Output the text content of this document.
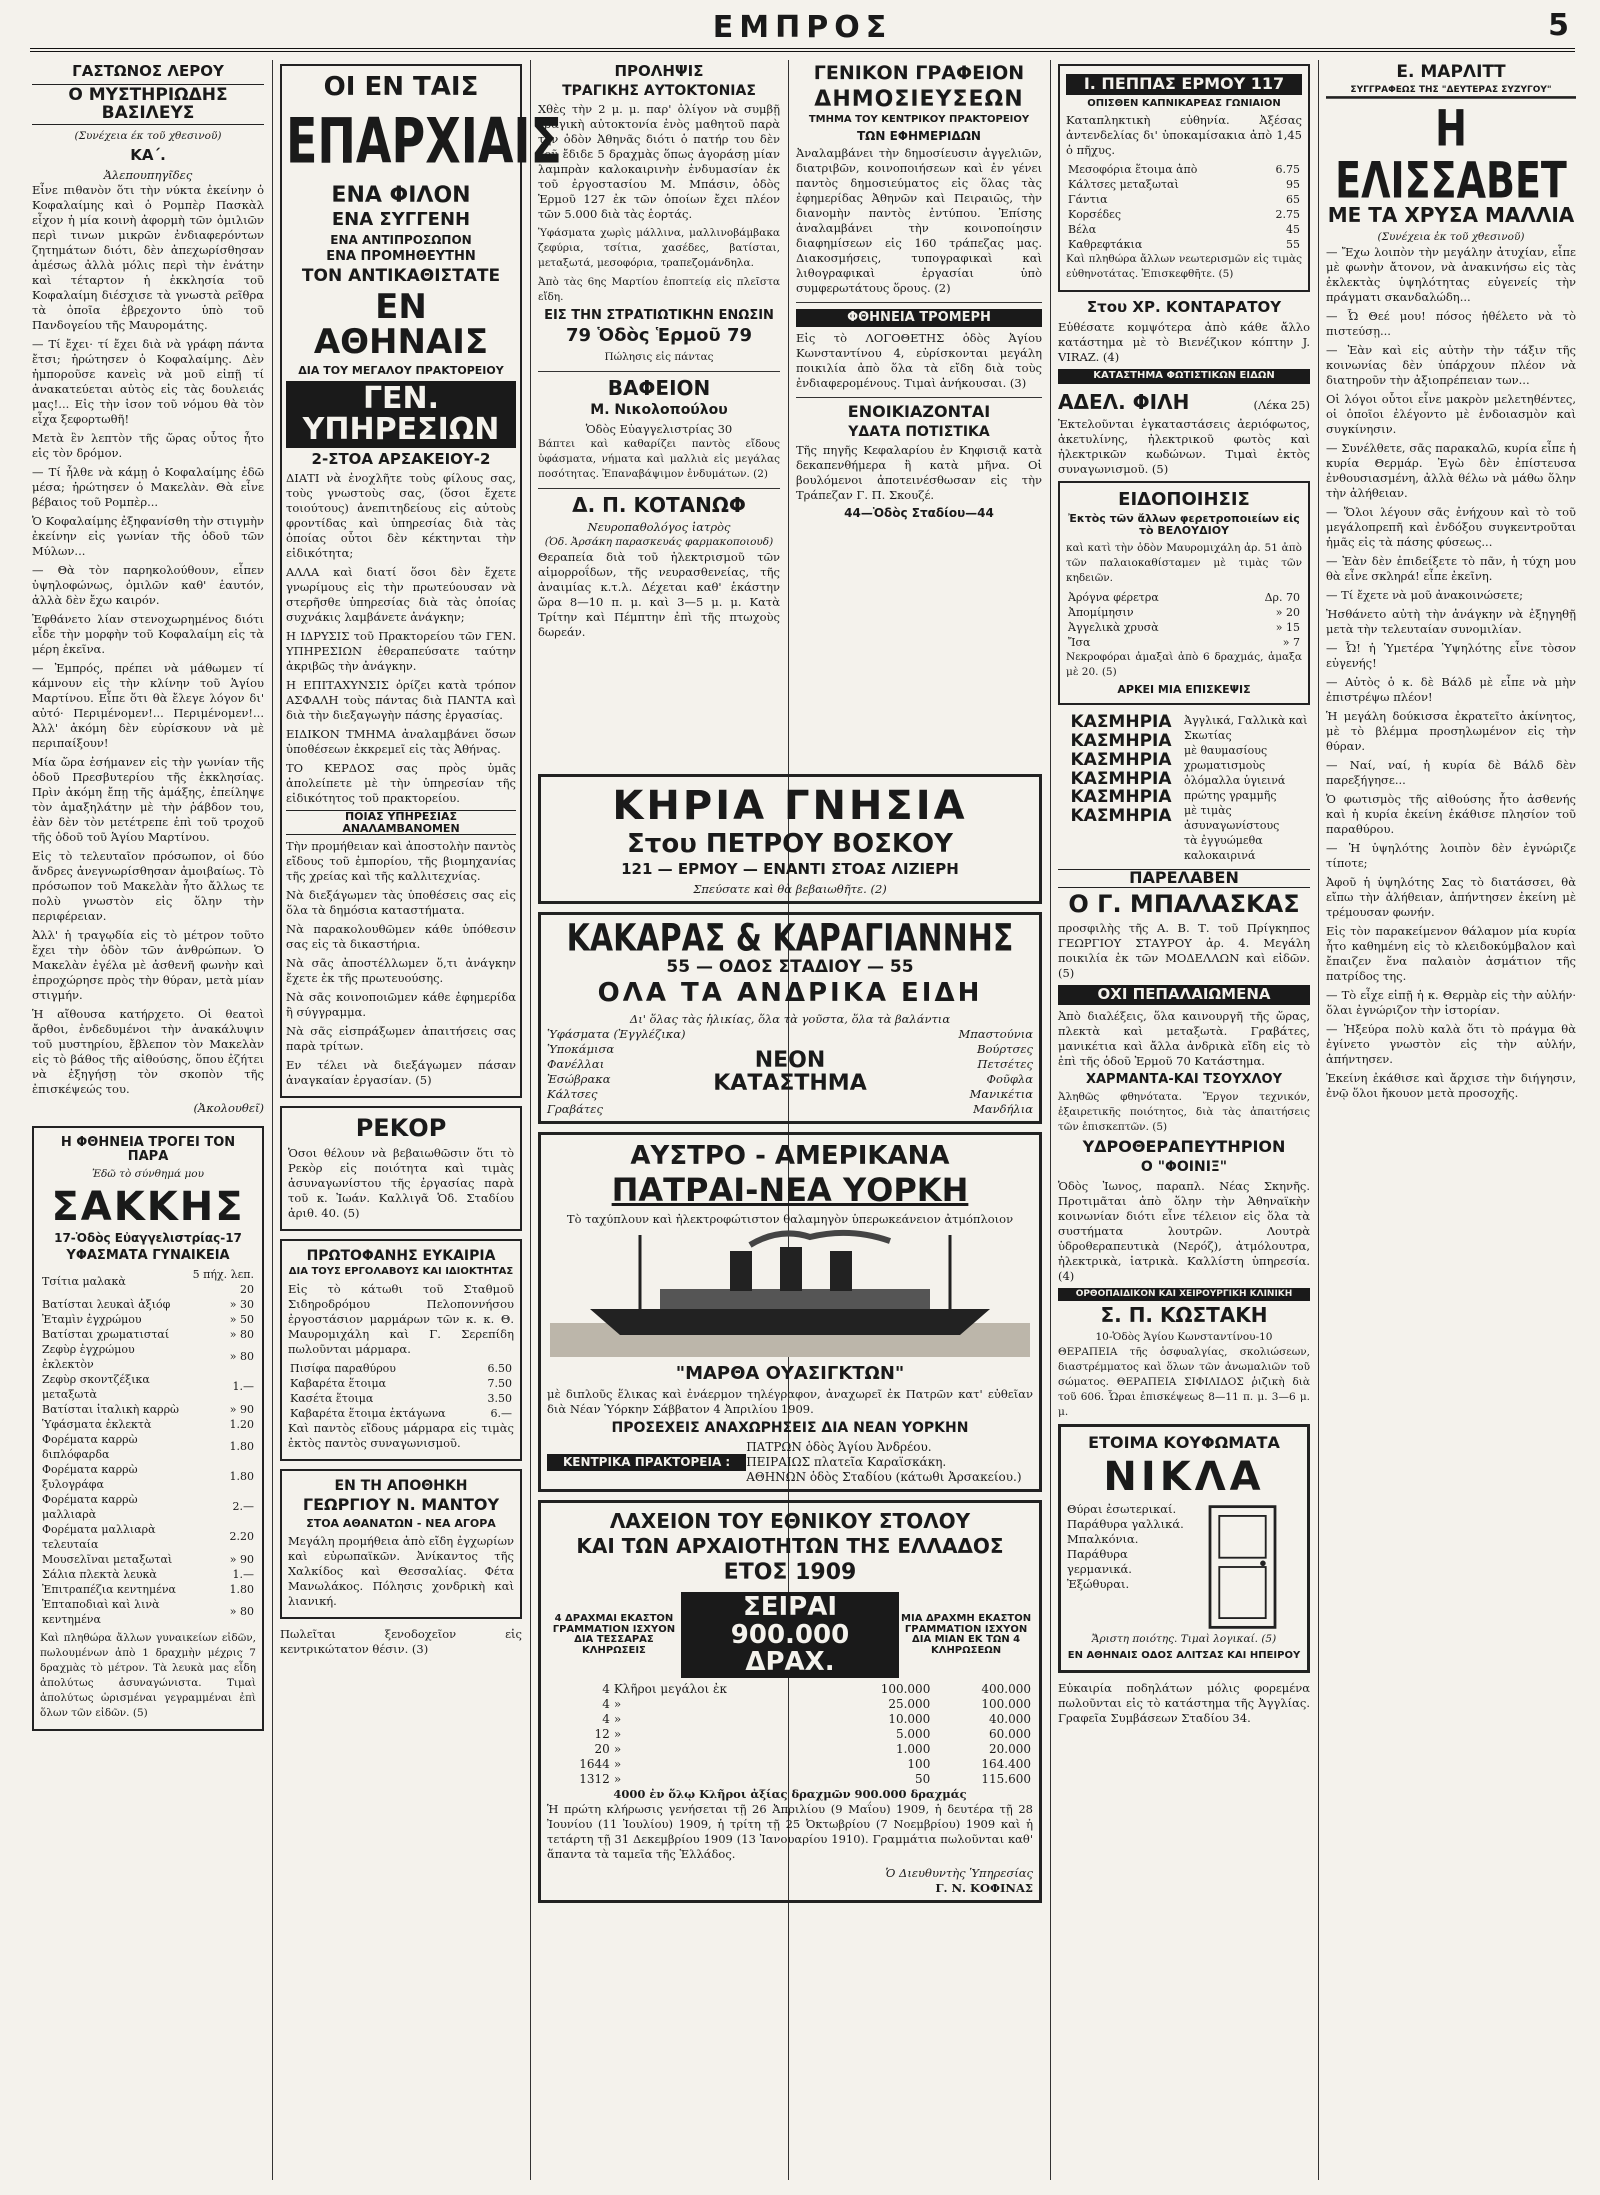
ΕΜΠΡΟΣ	5
ΓΑΣΤΩΝΟΣ ΛΕΡΟΥ
Ο ΜΥΣΤΗΡΙΩΔΗΣ ΒΑΣΙΛΕΥΣ
(Συνέχεια έκ τοῦ χθεσινοῦ)
ΚΑ΄.
Ἀλεπουπηγῖδες

Εἶνε πιθανὸν ὅτι τὴν νύκτα ἐκείνην ὁ Κοφαλαίμης καὶ ὁ Ρομπὲρ Πασκὰλ εἶχον ἡ μία κοινὴ ἀφορμὴ τῶν ὁμιλιῶν περὶ τινων μικρῶν ἐνδιαφερόντων ζητημάτων διότι, δὲν ἀπεχωρίσθησαν ἀμέσως ἀλλὰ μόλις περὶ τὴν ἐνάτην καὶ τέταρτον ἡ ἐκκλησία τοῦ Κοφαλαίμη διέσχισε τὰ γνωστὰ ρεῖθρα τὰ ὁποῖα ἐβρεχοντο ὑπὸ τοῦ Πανδογείου τῆς Μαυρομάτης.

— Τί ἔχει· τί ἔχει διὰ νὰ γράφη πάντα ἔτσι; ἠρώτησεν ὁ Κοφαλαίμης. Δὲν ἠμποροῦσε κανεὶς νὰ μοῦ εἰπῇ τί ἀνακατεύεται αὐτὸς εἰς τὰς δουλειάς μας!... Εἰς τὴν ἰσον τοῦ νόμου θὰ τὸν εἶχα ξεφορτωθῆ!

Μετὰ ἓν λεπτὸν τῆς ὥρας οὗτος ἦτο εἰς τὸν δρόμον.

— Τί ἦλθε νὰ κάμῃ ὁ Κοφαλαίμης ἐδῶ μέσα; ἠρώτησεν ὁ Μακελὰν. Θὰ εἶνε βέβαιος τοῦ Ρομπὲρ...

Ὁ Κοφαλαίμης ἐξηφανίσθη τὴν στιγμὴν ἐκείνην εἰς γωνίαν τῆς ὁδοῦ τῶν Μύλων...

— Θὰ τὸν παρηκολούθουν, εἶπεν ὑψηλοφώνως, ὁμιλῶν καθ' ἑαυτόν, ἀλλὰ δὲν ἔχω καιρόν.

Ἐφθάνετο λίαν στενοχωρημένος διότι εἶδε τὴν μορφὴν τοῦ Κοφαλαίμη εἰς τὰ μέρη ἐκεῖνα.

— Ἐμπρός, πρέπει νὰ μάθωμεν τί κάμνουν εἰς τὴν κλίνην τοῦ Ἁγίου Μαρτίνου. Εἶπε ὅτι θὰ ἔλεγε λόγον δι' αὐτό· Περιμένομεν!... Περιμένομεν!... Ἀλλ' ἀκόμη δὲν εὑρίσκουν νὰ μὲ περιπαίξουν!

Μία ὥρα ἐσήμανεν εἰς τὴν γωνίαν τῆς ὁδοῦ Πρεσβυτερίου τῆς ἐκκλησίας. Πρὶν ἀκόμη ἔπῃ τῆς ἀμάξης, ἐπείληψε τὸν ἀμαξηλάτην μὲ τὴν ῥάβδον του, ἐὰν δὲν τὸν μετέτρεπε ἐπὶ τοῦ τροχοῦ τῆς ὁδοῦ τοῦ Ἁγίου Μαρτίνου.

Εἰς τὸ τελευταῖον πρόσωπον, οἱ δύο ἄνδρες ἀνεγνωρίσθησαν ἀμοιβαίως. Τὸ πρόσωπον τοῦ Μακελὰν ἦτο ἄλλως τε πολὺ γνωστὸν εἰς ὅλην τὴν περιφέρειαν.

Ἀλλ' ἡ τραγῳδία εἰς τὸ μέτρον τοῦτο ἔχει τὴν ὁδὸν τῶν ἀνθρώπων. Ὁ Μακελὰν ἐγέλα μὲ ἀσθενῆ φωνὴν καὶ ἐπροχώρησε πρὸς τὴν θύραν, μετὰ μίαν στιγμήν.

Ἡ αἴθουσα κατήρχετο. Οἱ θεατοὶ ἄρθοι, ἐνδεδυμένοι τὴν ἀνακάλυψιν τοῦ μυστηρίου, ἔβλεπον τὸν Μακελὰν εἰς τὸ βάθος τῆς αἰθούσης, ὅπου ἐζήτει νὰ ἐξηγήσῃ τὸν σκοπὸν τῆς ἐπισκέψεώς του.

(Ἀκολουθεῖ)
Η ΦΘΗΝΕΙΑ ΤΡΟΓΕΙ ΤΟΝ ΠΑΡΑ
Ἐδῶ τὸ σύνθημά μου
ΣΑΚΚΗΣ
17-Ὁδὸς Εὐαγγελιστρίας-17
ΥΦΑΣΜΑΤΑ ΓΥΝΑΙΚΕΙΑ
Τσίτια μαλακὰ	5 πήχ. λεπ. 20
Βατίσται λευκαὶ ἀξιόφ	» 30
Ἐταμὶν ἐγχρώμου	» 50
Βατίσται χρωματισταί	» 80
Ζεφὺρ ἐγχρώμου ἐκλεκτὸν	» 80
Ζεφὺρ σκοντζέξικα μεταξωτὰ	1.—
Βατίσται ἰταλικὴ καρρὼ	» 90
Ὑφάσματα ἐκλεκτὰ	1.20
Φορέματα καρρὼ διπλόφαρδα	1.80
Φορέματα καρρὼ ξυλογράφα	1.80
Φορέματα καρρὼ μαλλιαρὰ	2.—
Φορέματα μαλλιαρὰ τελευταία	2.20
Μουσελῖναι μεταξωταὶ	» 90
Σάλια πλεκτὰ λευκὰ	1.—
Ἐπιτραπέζια κεντημένα	1.80
Ἑπταποδιαὶ καὶ λινὰ κεντημένα	» 80

Καὶ πληθώρα ἄλλων γυναικείων εἰδῶν, πωλουμένων ἀπὸ 1 δραχμὴν μέχρις 7 δραχμὰς τὸ μέτρον. Τὰ λευκὰ μας εἶδη ἀπολύτως ἀσυναγώνιστα. Τιμαὶ ἀπολύτως ὡρισμέναι γεγραμμέναι ἐπὶ ὅλων τῶν εἰδῶν. (5)

ΟΙ ΕΝ ΤΑΙΣ
ΕΠΑΡΧΙΑΙΣ
ΕΝΑ ΦΙΛΟΝ
ΕΝΑ ΣΥΓΓΕΝΗ
ΕΝΑ ΑΝΤΙΠΡΟΣΩΠΟΝ
ΕΝΑ ΠΡΟΜΗΘΕΥΤΗΝ
ΤΟΝ ΑΝΤΙΚΑΘΙΣΤΑΤΕ
ΕΝ ΑΘΗΝΑΙΣ
ΔΙΑ ΤΟΥ ΜΕΓΑΛΟΥ ΠΡΑΚΤΟΡΕΙΟΥ
ΓΕΝ. ΥΠΗΡΕΣΙΩΝ
2-ΣΤΟΑ ΑΡΣΑΚΕΙΟΥ-2

ΔΙΑΤΙ νὰ ἐνοχλῆτε τοὺς φίλους σας, τοὺς γνωστοὺς σας, (ὅσοι ἔχετε τοιούτους) ἀνεπιτηδείους εἰς αὐτοὺς φροντίδας καὶ ὑπηρεσίας διὰ τὰς ὁποίας οὗτοι δὲν κέκτηνται τὴν εἰδικότητα;

ΑΛΛΑ καὶ διατί ὅσοι δὲν ἔχετε γνωρίμους εἰς τὴν πρωτεύουσαν νὰ στερῆσθε ὑπηρεσίας διὰ τὰς ὁποίας συχνάκις λαμβάνετε ἀνάγκην;

Η ΙΔΡΥΣΙΣ τοῦ Πρακτορείου τῶν ΓΕΝ. ΥΠΗΡΕΣΙΩΝ ἐθεραπεύσατε ταύτην ἀκριβῶς τὴν ἀνάγκην.

Η ΕΠΙΤΑΧΥΝΣΙΣ ὁρίζει κατὰ τρόπον ΑΣΦΑΛΗ τοὺς πάντας διὰ ΠΑΝΤΑ καὶ διὰ τὴν διεξαγωγὴν πάσης ἐργασίας.

ΕΙΔΙΚΟΝ ΤΜΗΜΑ ἀναλαμβάνει ὅσων ὑποθέσεων ἐκκρεμεῖ εἰς τὰς Ἀθήνας.

ΤΟ ΚΕΡΔΟΣ σας πρὸς ὑμᾶς ἀπολείπετε μὲ τὴν ὑπηρεσίαν τῆς εἰδικότητος τοῦ πρακτορείου.

ΠΟΙΑΣ ΥΠΗΡΕΣΙΑΣ ΑΝΑΛΑΜΒΑΝΟΜΕΝ

Τὴν προμήθειαν καὶ ἀποστολὴν παντὸς εἴδους τοῦ ἐμπορίου, τῆς βιομηχανίας τῆς χρείας καὶ τῆς καλλιτεχνίας.

Νὰ διεξάγωμεν τὰς ὑποθέσεις σας εἰς ὅλα τὰ δημόσια καταστήματα.

Νὰ παρακολουθῶμεν κάθε ὑπόθεσιν σας εἰς τὰ δικαστήρια.

Νὰ σᾶς ἀποστέλλωμεν ὅ,τι ἀνάγκην ἔχετε ἐκ τῆς πρωτευούσης.

Νὰ σᾶς κοινοποιῶμεν κάθε ἐφημερίδα ἢ σύγγραμμα.

Νὰ σᾶς εἰσπράξωμεν ἀπαιτήσεις σας παρὰ τρίτων.

Εν τέλει νὰ διεξάγωμεν πάσαν ἀναγκαίαν ἐργασίαν. (5)

ΡΕΚΟΡ

Ὁσοι θέλουν νὰ βεβαιωθῶσιν ὅτι τὸ Ρεκὸρ εἰς ποιότητα καὶ τιμὰς ἀσυναγωνίστου τῆς ἐργασίας παρὰ τοῦ κ. Ἰωάν. Καλλιγᾶ Ὁδ. Σταδίου ἀριθ. 40. (5)

ΠΡΩΤΟΦΑΝΗΣ ΕΥΚΑΙΡΙΑ
ΔΙΑ ΤΟΥΣ ΕΡΓΟΛΑΒΟΥΣ ΚΑΙ ΙΔΙΟΚΤΗΤΑΣ

Εἰς τὸ κάτωθι τοῦ Σταθμοῦ Σιδηροδρόμου Πελοποννήσου ἐργοστάσιον μαρμάρων τῶν κ. κ. Θ. Μαυρομιχάλη καὶ Γ. Σερεπίδη πωλοῦνται μάρμαρα.

Πισίφα παραθύρου	6.50
Καβαρέτα ἕτοιμα	7.50
Κασέτα ἕτοιμα	3.50
Καβαρέτα ἕτοιμα ἐκτάγωνα	6.—

Καὶ παντὸς εἴδους μάρμαρα εἰς τιμὰς ἐκτὸς παντὸς συναγωνισμοῦ.

ΕΝ ΤΗ ΑΠΟΘΗΚΗ
ΓΕΩΡΓΙΟΥ Ν. ΜΑΝΤΟΥ
ΣΤΟΑ ΑΘΑΝΑΤΩΝ - ΝΕΑ ΑΓΟΡΑ

Μεγάλη προμήθεια ἀπὸ εἴδη ἐγχωρίων καὶ εὐρωπαϊκῶν. Ἀνίκαντος τῆς Χαλκίδος καὶ Θεσσαλίας. Φέτα Μανωλάκος. Πόλησις χονδρικὴ καὶ λιανική.

Πωλεῖται ξενοδοχεῖον εἰς κεντρικώτατον θέσιν. (3)

ΠΡΟΛΗΨΙΣ
ΤΡΑΓΙΚΗΣ ΑΥΤΟΚΤΟΝΙΑΣ

Χθὲς τὴν 2 μ. μ. παρ' ὀλίγον νὰ συμβῇ τραγικὴ αὐτοκτονία ἑνὸς μαθητοῦ παρὰ τὴν ὁδὸν Ἀθηνᾶς διότι ὁ πατήρ του δὲν τοῦ ἔδιδε 5 δραχμὰς ὅπως ἀγοράσῃ μίαν λαμπρὰν καλοκαιρινὴν ἐνδυμασίαν ἐκ τοῦ ἐργοστασίου Μ. Μπάσιν, ὁδὸς Ἑρμοῦ 127 ἐκ τῶν ὁποίων ἔχει πλέον τῶν 5.000 διὰ τὰς ἑορτάς.

Ὑφάσματα χωρὶς μάλλινα, μαλλινοβάμβακα ζεφύρια, τσίτια, χασέδες, βατίσται, μεταξωτά, μεσοφόρια, τραπεζομάνδηλα.

Ἀπὸ τὰς 6ης Μαρτίου ἐποπτείᾳ εἰς πλεῖστα εἴδη.

ΕΙΣ ΤΗΝ ΣΤΡΑΤΙΩΤΙΚΗΝ ΕΝΩΣΙΝ
79 Ὁδὸς Ἑρμοῦ 79
Πώλησις εἰς πάντας
ΒΑΦΕΙΟΝ
Μ. Νικολοπούλου
Ὁδὸς Εὐαγγελιστρίας 30

Βάπτει καὶ καθαρίζει παντὸς εἴδους ὑφάσματα, νήματα καὶ μαλλιὰ εἰς μεγάλας ποσότητας. Ἐπαναβάψιμον ἐνδυμάτων. (2)

Δ. Π. ΚΟΤΑΝΩΦ
Νευροπαθολόγος ἰατρὸς
(Ὁδ. Ἀρσάκη παρασκευάς φαρμακοποιουδ)

Θεραπεία διὰ τοῦ ἠλεκτρισμοῦ τῶν αἱμορροΐδων, τῆς νευρασθενείας, τῆς ἀναιμίας κ.τ.λ. Δέχεται καθ' ἑκάστην ὥρα 8—10 π. μ. καὶ 3—5 μ. μ. Κατὰ Τρίτην καὶ Πέμπτην ἐπὶ τῆς πτωχοὺς δωρεάν.

ΓΕΝΙΚΟΝ ΓΡΑΦΕΙΟΝ
ΔΗΜΟΣΙΕΥΣΕΩΝ
ΤΜΗΜΑ ΤΟΥ ΚΕΝΤΡΙΚΟΥ ΠΡΑΚΤΟΡΕΙΟΥ
ΤΩΝ ΕΦΗΜΕΡΙΔΩΝ

Ἀναλαμβάνει τὴν δημοσίευσιν ἀγγελιῶν, διατριβῶν, κοινοποιήσεων καὶ ἐν γένει παντὸς δημοσιεύματος εἰς ὅλας τὰς ἐφημερίδας Ἀθηνῶν καὶ Πειραιῶς, τὴν διανομὴν παντὸς ἐντύπου. Ἐπίσης ἀναλαμβάνει τὴν κοινοποίησιν διαφημίσεων εἰς 160 τράπεζας μας. Διακοσμήσεις, τυπογραφικαὶ καὶ λιθογραφικαὶ ἐργασίαι ὑπὸ συμφερωτάτους ὅρους. (2)

ΦΘΗΝΕΙΑ ΤΡΟΜΕΡΗ

Εἰς τὸ ΛΟΓΟΘΕΤΗΣ ὁδὸς Ἀγίου Κωνσταντίνου 4, εὑρίσκονται μεγάλη ποικιλία ἀπὸ ὅλα τὰ εἴδη διὰ τοὺς ἐνδιαφερομένους. Τιμαὶ ἀνήκουσαι. (3)

ΕΝΟΙΚΙΑΖΟΝΤΑΙ
ΥΔΑΤΑ ΠΟΤΙΣΤΙΚΑ

Τῆς πηγῆς Κεφαλαρίου ἐν Κηφισιᾷ κατὰ δεκαπενθήμερα ἢ κατὰ μῆνα. Οἱ βουλόμενοι ἀποτεινέσθωσαν εἰς τὴν Τράπεζαν Γ. Π. Σκουζέ.

44—Ὁδὸς Σταδίου—44
ΚΗΡΙΑ ΓΝΗΣΙΑ
Στου ΠΕΤΡΟΥ ΒΟΣΚΟΥ
121 — ΕΡΜΟΥ — ΕΝΑΝΤΙ ΣΤΟΑΣ ΛΙΖΙΕΡΗ
Σπεύσατε καὶ θὰ βεβαιωθῆτε. (2)
ΚΑΚΑΡΑΣ & ΚΑΡΑΓΙΑΝΝΗΣ
55 — ΟΔΟΣ ΣΤΑΔΙΟΥ — 55
ΟΛΑ ΤΑ ΑΝΔΡΙΚΑ ΕΙΔΗ
Δι' ὅλας τὰς ἡλικίας, ὅλα τὰ γοῦστα, ὅλα τὰ βαλάντια
Ὑφάσματα (Ἐγγλέζικα)
Ὑποκάμισα
Φανέλλαι
Ἐσώβρακα
Κάλτσες
Γραβάτες
ΝΕΟΝ ΚΑΤΑΣΤΗΜΑ
Μπαστούνια
Βούρτσες
Πετσέτες
Φοῦφλα
Μανικέτια
Μανδήλια
ΑΥΣΤΡΟ - ΑΜΕΡΙΚΑΝΑ
ΠΑΤΡΑΙ-ΝΕΑ ΥΟΡΚΗ
Τὸ ταχύπλουν καὶ ἠλεκτροφώτιστον θαλαμηγὸν ὑπερωκεάνειον ἀτμόπλοιον
"ΜΑΡΘΑ ΟΥΑΣΙΓΚΤΩΝ"

μὲ διπλοῦς ἕλικας καὶ ἐνάερμον τηλέγραφον, ἀναχωρεῖ ἐκ Πατρῶν κατ' εὐθεῖαν διὰ Νέαν Ὑόρκην Σάββατον 4 Ἀπριλίου 1909.

ΠΡΟΣΕΧΕΙΣ ΑΝΑΧΩΡΗΣΕΙΣ ΔΙΑ ΝΕΑΝ ΥΟΡΚΗΝ
ΚΕΝΤΡΙΚΑ ΠΡΑΚΤΟΡΕΙΑ :
ΠΑΤΡΩΝ ὁδὸς Ἁγίου Ἀνδρέου.
ΠΕΙΡΑΙΩΣ πλατεῖα Καραϊσκάκη.
ΑΘΗΝΩΝ ὁδὸς Σταδίου (κάτωθι Ἀρσακείου.)
ΛΑΧΕΙΟΝ ΤΟΥ ΕΘΝΙΚΟΥ ΣΤΟΛΟΥ
ΚΑΙ ΤΩΝ ΑΡΧΑΙΟΤΗΤΩΝ ΤΗΣ ΕΛΛΑΔΟΣ
ΕΤΟΣ 1909
4 ΔΡΑΧΜΑΙ ΕΚΑΣΤΟΝ ΓΡΑΜΜΑΤΙΟΝ ΙΣΧΥΟΝ ΔΙΑ ΤΕΣΣΑΡΑΣ ΚΛΗΡΩΣΕΙΣ
ΣΕΙΡΑΙ 900.000 ΔΡΑΧ.
ΜΙΑ ΔΡΑΧΜΗ ΕΚΑΣΤΟΝ ΓΡΑΜΜΑΤΙΟΝ ΙΣΧΥΟΝ ΔΙΑ ΜΙΑΝ ΕΚ ΤΩΝ 4 ΚΛΗΡΩΣΕΩΝ
4	Κλῆροι μεγάλοι ἐκ	100.000	400.000
4	»	25.000	100.000
4	»	10.000	40.000
12	»	5.000	60.000
20	»	1.000	20.000
1644	»	100	164.400
1312	»	50	115.600
4000 ἐν ὅλῳ Κλῆροι ἀξίας δραχμῶν 900.000 δραχμάς

Ἡ πρώτη κλήρωσις γενήσεται τῇ 26 Ἀπριλίου (9 Μαΐου) 1909, ἡ δευτέρα τῇ 28 Ἰουνίου (11 Ἰουλίου) 1909, ἡ τρίτη τῇ 25 Ὀκτωβρίου (7 Νοεμβρίου) 1909 καὶ ἡ τετάρτη τῇ 31 Δεκεμβρίου 1909 (13 Ἰανουαρίου 1910). Γραμμάτια πωλοῦνται καθ' ἅπαντα τὰ ταμεῖα τῆς Ἑλλάδος.

Ὁ Διευθυντὴς Ὑπηρεσίας
Γ. Ν. ΚΟΦΙΝΑΣ
Ι. ΠΕΠΠΑΣ ΕΡΜΟΥ 117
ΟΠΙΣΘΕΝ ΚΑΠΝΙΚΑΡΕΑΣ ΓΩΝΙΑΙΟΝ

Καταπληκτικὴ εὐθηνία. Ἀξέσας ἀντενδελίας δι' ὑποκαμίσακια ἀπὸ 1,45 ὁ πῆχυς.

Μεσοφόρια ἕτοιμα ἀπὸ	6.75
Κάλτσες μεταξωταὶ	95
Γάντια	65
Κορσέδες	2.75
Βέλα	45
Καθρεφτάκια	55

Καὶ πληθώρα ἄλλων νεωτερισμῶν εἰς τιμὰς εὐθηνοτάτας. Ἐπισκεφθῆτε. (5)

Στου ΧΡ. ΚΟΝΤΑΡΑΤΟΥ

Εὑθέσατε κομψότερα ἀπὸ κάθε ἄλλο κατάστημα μὲ τὸ Βιενέζικον κόπτην J. VIRAZ. (4)

ΚΑΤΑΣΤΗΜΑ ΦΩΤΙΣΤΙΚΩΝ ΕΙΔΩΝ
ΑΔΕΛ. ΦΙΛΗ	(Λέκα 25)

Ἐκτελοῦνται ἐγκαταστάσεις ἀεριόφωτος, ἀκετυλίνης, ἠλεκτρικοῦ φωτὸς καὶ ἠλεκτρικῶν κωδώνων. Τιμαὶ ἐκτὸς συναγωνισμοῦ. (5)

ΕΙΔΟΠΟΙΗΣΙΣ
Ἐκτὸς τῶν ἄλλων φερετροποιείων εἰς τὸ ΒΕΛΟΥΔΙΟΥ

καὶ κατὶ τὴν ὁδὸν Μαυρομιχάλη ἀρ. 51 ἀπὸ τῶν παλαιοκαθίσταμεν μὲ τιμὰς τῶν κηδειῶν.

Ἀρόγνα φέρετρα	Δρ. 70
Ἀπομίμησιν	» 20
Ἀγγελικὰ χρυσὰ	» 15
Ἴσα	» 7

Νεκροφόραι ἀμαξαὶ ἀπὸ 6 δραχμάς, ἁμαξα μὲ 20. (5)

ΑΡΚΕΙ ΜΙΑ ΕΠΙΣΚΕΨΙΣ
ΚΑΣΜΗΡΙΑ
ΚΑΣΜΗΡΙΑ
ΚΑΣΜΗΡΙΑ
ΚΑΣΜΗΡΙΑ
ΚΑΣΜΗΡΙΑ
ΚΑΣΜΗΡΙΑ
Ἀγγλικά, Γαλλικὰ καὶ Σκωτίας
μὲ θαυμασίους χρωματισμοὺς
ὁλόμαλλα ὑγιεινά
πρώτης γραμμῆς
μὲ τιμὰς ἀσυναγωνίστους
τὰ ἐγγυώμεθα καλοκαιρινά
ΠΑΡΕΛΑΒΕΝ
Ο Γ. ΜΠΑΛΑΣΚΑΣ

προσφιλὴς τῆς Α. Β. Τ. τοῦ Πρίγκηπος ΓΕΩΡΓΙΟΥ ΣΤΑΥΡΟΥ ἀρ. 4. Μεγάλη ποικιλία ἐκ τῶν ΜΟΔΕΛΛΩΝ καὶ εἰδῶν. (5)

ΟΧΙ ΠΕΠΑΛΑΙΩΜΕΝΑ

Ἀπὸ διαλέξεις, ὅλα καινουργῆ τῆς ὥρας, πλεκτὰ καὶ μεταξωτὰ. Γραβάτες, μανικέτια καὶ ἄλλα ἀνδρικὰ εἴδη εἰς τὸ ἐπὶ τῆς ὁδοῦ Ἑρμοῦ 70 Κατάστημα.

ΧΑΡΜΑΝΤΑ-ΚΑΙ ΤΣΟΥΧΛΟΥ

Ἀληθῶς φθηνότατα. Ἔργον τεχνικόν, ἐξαιρετικῆς ποιότητος, διὰ τὰς ἀπαιτήσεις τῶν ἐπισκεπτῶν. (5)

ΥΔΡΟΘΕΡΑΠΕΥΤΗΡΙΟΝ
Ο "ΦΟΙΝΙΞ"

Ὁδὸς Ἰωνος, παραπλ. Νέας Σκηνῆς. Προτιμᾶται ἀπὸ ὅλην τὴν Ἀθηναϊκὴν κοινωνίαν διότι εἶνε τέλειον εἰς ὅλα τὰ συστήματα λουτρῶν. Λουτρὰ ὑδροθεραπευτικὰ (Νερόζ), ἀτμόλουτρα, ἠλεκτρικὰ, ἰατρικὰ. Καλλίστη ὑπηρεσία. (4)

ΟΡΘΟΠΑΙΔΙΚΟΝ ΚΑΙ ΧΕΙΡΟΥΡΓΙΚΗ ΚΛΙΝΙΚΗ
Σ. Π. ΚΩΣΤΑΚΗ
10-Ὁδὸς Ἁγίου Κωνσταντίνου-10

ΘΕΡΑΠΕΙΑ τῆς ὁσφυαλγίας, σκολιώσεων, διαστρέμματος καὶ ὅλων τῶν ἀνωμαλιῶν τοῦ σώματος. ΘΕΡΑΠΕΙΑ ΣΙΦΙΛΙΔΟΣ ῥιζικὴ διὰ τοῦ 606. Ὧραι ἐπισκέψεως 8—11 π. μ. 3—6 μ. μ.

ΕΤΟΙΜΑ ΚΟΥΦΩΜΑΤΑ
ΝΙΚΛΑ
Θύραι ἐσωτερικαί.
Παράθυρα γαλλικά.
Μπαλκόνια.
Παράθυρα γερμανικά.
Ἐξώθυραι.
Ἄριστη ποιότης. Τιμαὶ λογικαί. (5)
ΕΝ ΑΘΗΝΑΙΣ ΟΔΟΣ ΑΛΙΤΣΑΣ ΚΑΙ ΗΠΕΙΡΟΥ

Εὐκαιρία ποδηλάτων μόλις φορεμένα πωλοῦνται εἰς τὸ κατάστημα τῆς Ἀγγλίας. Γραφεῖα Συμβάσεων Σταδίου 34.

Ε. ΜΑΡΛΙΤΤ
ΣΥΓΓΡΑΦΕΩΣ ΤΗΣ "ΔΕΥΤΕΡΑΣ ΣΥΖΥΓΟΥ"
Η ΕΛΙΣΣΑΒΕΤ
ΜΕ ΤΑ ΧΡΥΣΑ ΜΑΛΛΙΑ
(Συνέχεια ἐκ τοῦ χθεσινοῦ)

— Ἔχω λοιπὸν τὴν μεγάλην ἀτυχίαν, εἶπε μὲ φωνὴν ἄτονον, νὰ ἀνακινήσω εἰς τὰς ἐκλεκτὰς ὑψηλότητας εὐγενείς τὴν πράγματι σκανδαλώδη...

— Ὦ Θεέ μου! πόσος ἠθέλετο νὰ τὸ πιστεύσῃ...

— Ἐὰν καὶ εἰς αὐτὴν τὴν τάξιν τῆς κοινωνίας δὲν ὑπάρχουν πλέον νὰ διατηροῦν τὴν ἀξιοπρέπειαν των...

Οἱ λόγοι οὗτοι εἶνε μακρὸν μελετηθέντες, οἱ ὁποῖοι ἐλέγοντο μὲ ἐνδοιασμὸν καὶ συγκίνησιν.

— Συνέλθετε, σᾶς παρακαλῶ, κυρία εἶπε ἡ κυρία Θερμάρ. Ἐγὼ δὲν ἐπίστευσα ἐνθουσιασμένη, ἀλλὰ θέλω νὰ μάθω ὅλην τὴν ἀλήθειαν.

— Ὅλοι λέγουν σᾶς ἐνήχουν καὶ τὸ τοῦ μεγάλοπρεπῆ καὶ ἐνδόξου συγκεντροῦται ἡμᾶς εἰς τὰ πάσης φύσεως...

— Ἐὰν δὲν ἐπιδείξετε τὸ πᾶν, ἡ τύχη μου θὰ εἶνε σκληρά! εἶπε ἐκεῖνη.

— Τί ἔχετε νὰ μοῦ ἀνακοινώσετε;

Ἠσθάνετο αὐτὴ τὴν ἀνάγκην νὰ ἐξηγηθῇ μετὰ τὴν τελευταίαν συνομιλίαν.

— Ὦ! ἡ Ὑμετέρα Ὑψηλότης εἶνε τὸσον εὐγενής!

— Αὐτὸς ὁ κ. δὲ Βάλδ μὲ εἶπε νὰ μὴν ἐπιστρέψω πλέον!

Ἡ μεγάλη δούκισσα ἐκρατεῖτο ἀκίνητος, μὲ τὸ βλέμμα προσηλωμένον εἰς τὴν θύραν.

— Ναί, ναί, ἡ κυρία δὲ Βάλδ δὲν παρεξήγησε...

Ὁ φωτισμὸς τῆς αἰθούσης ἦτο ἀσθενής καὶ ἡ κυρία ἐκείνη ἐκάθισε πλησίον τοῦ παραθύρου.

— Ἡ ὑψηλότης λοιπὸν δὲν ἐγνώριζε τίποτε;

Ἀφοῦ ἡ ὑψηλότης Σας τὸ διατάσσει, θὰ εἴπω τὴν ἀλήθειαν, ἀπήντησεν ἐκείνη μὲ τρέμουσαν φωνήν.

Εἰς τὸν παρακείμενον θάλαμον μία κυρία ἦτο καθημένη εἰς τὸ κλειδοκύμβαλον καὶ ἔπαιζεν ἕνα παλαιὸν ἀσμάτιον τῆς πατρίδος της.

— Τὸ εἶχε εἰπῇ ἡ κ. Θερμὰρ εἰς τὴν αὐλήν· ὅλαι ἐγνώριζον τὴν ἱστορίαν.

— Ἠξεύρα πολὺ καλὰ ὅτι τὸ πράγμα θὰ ἐγίνετο γνωστὸν εἰς τὴν αὐλήν, ἀπήντησεν.

Ἐκείνη ἐκάθισε καὶ ἄρχισε τὴν διήγησιν, ἐνῷ ὅλοι ἤκουον μετὰ προσοχῆς.
